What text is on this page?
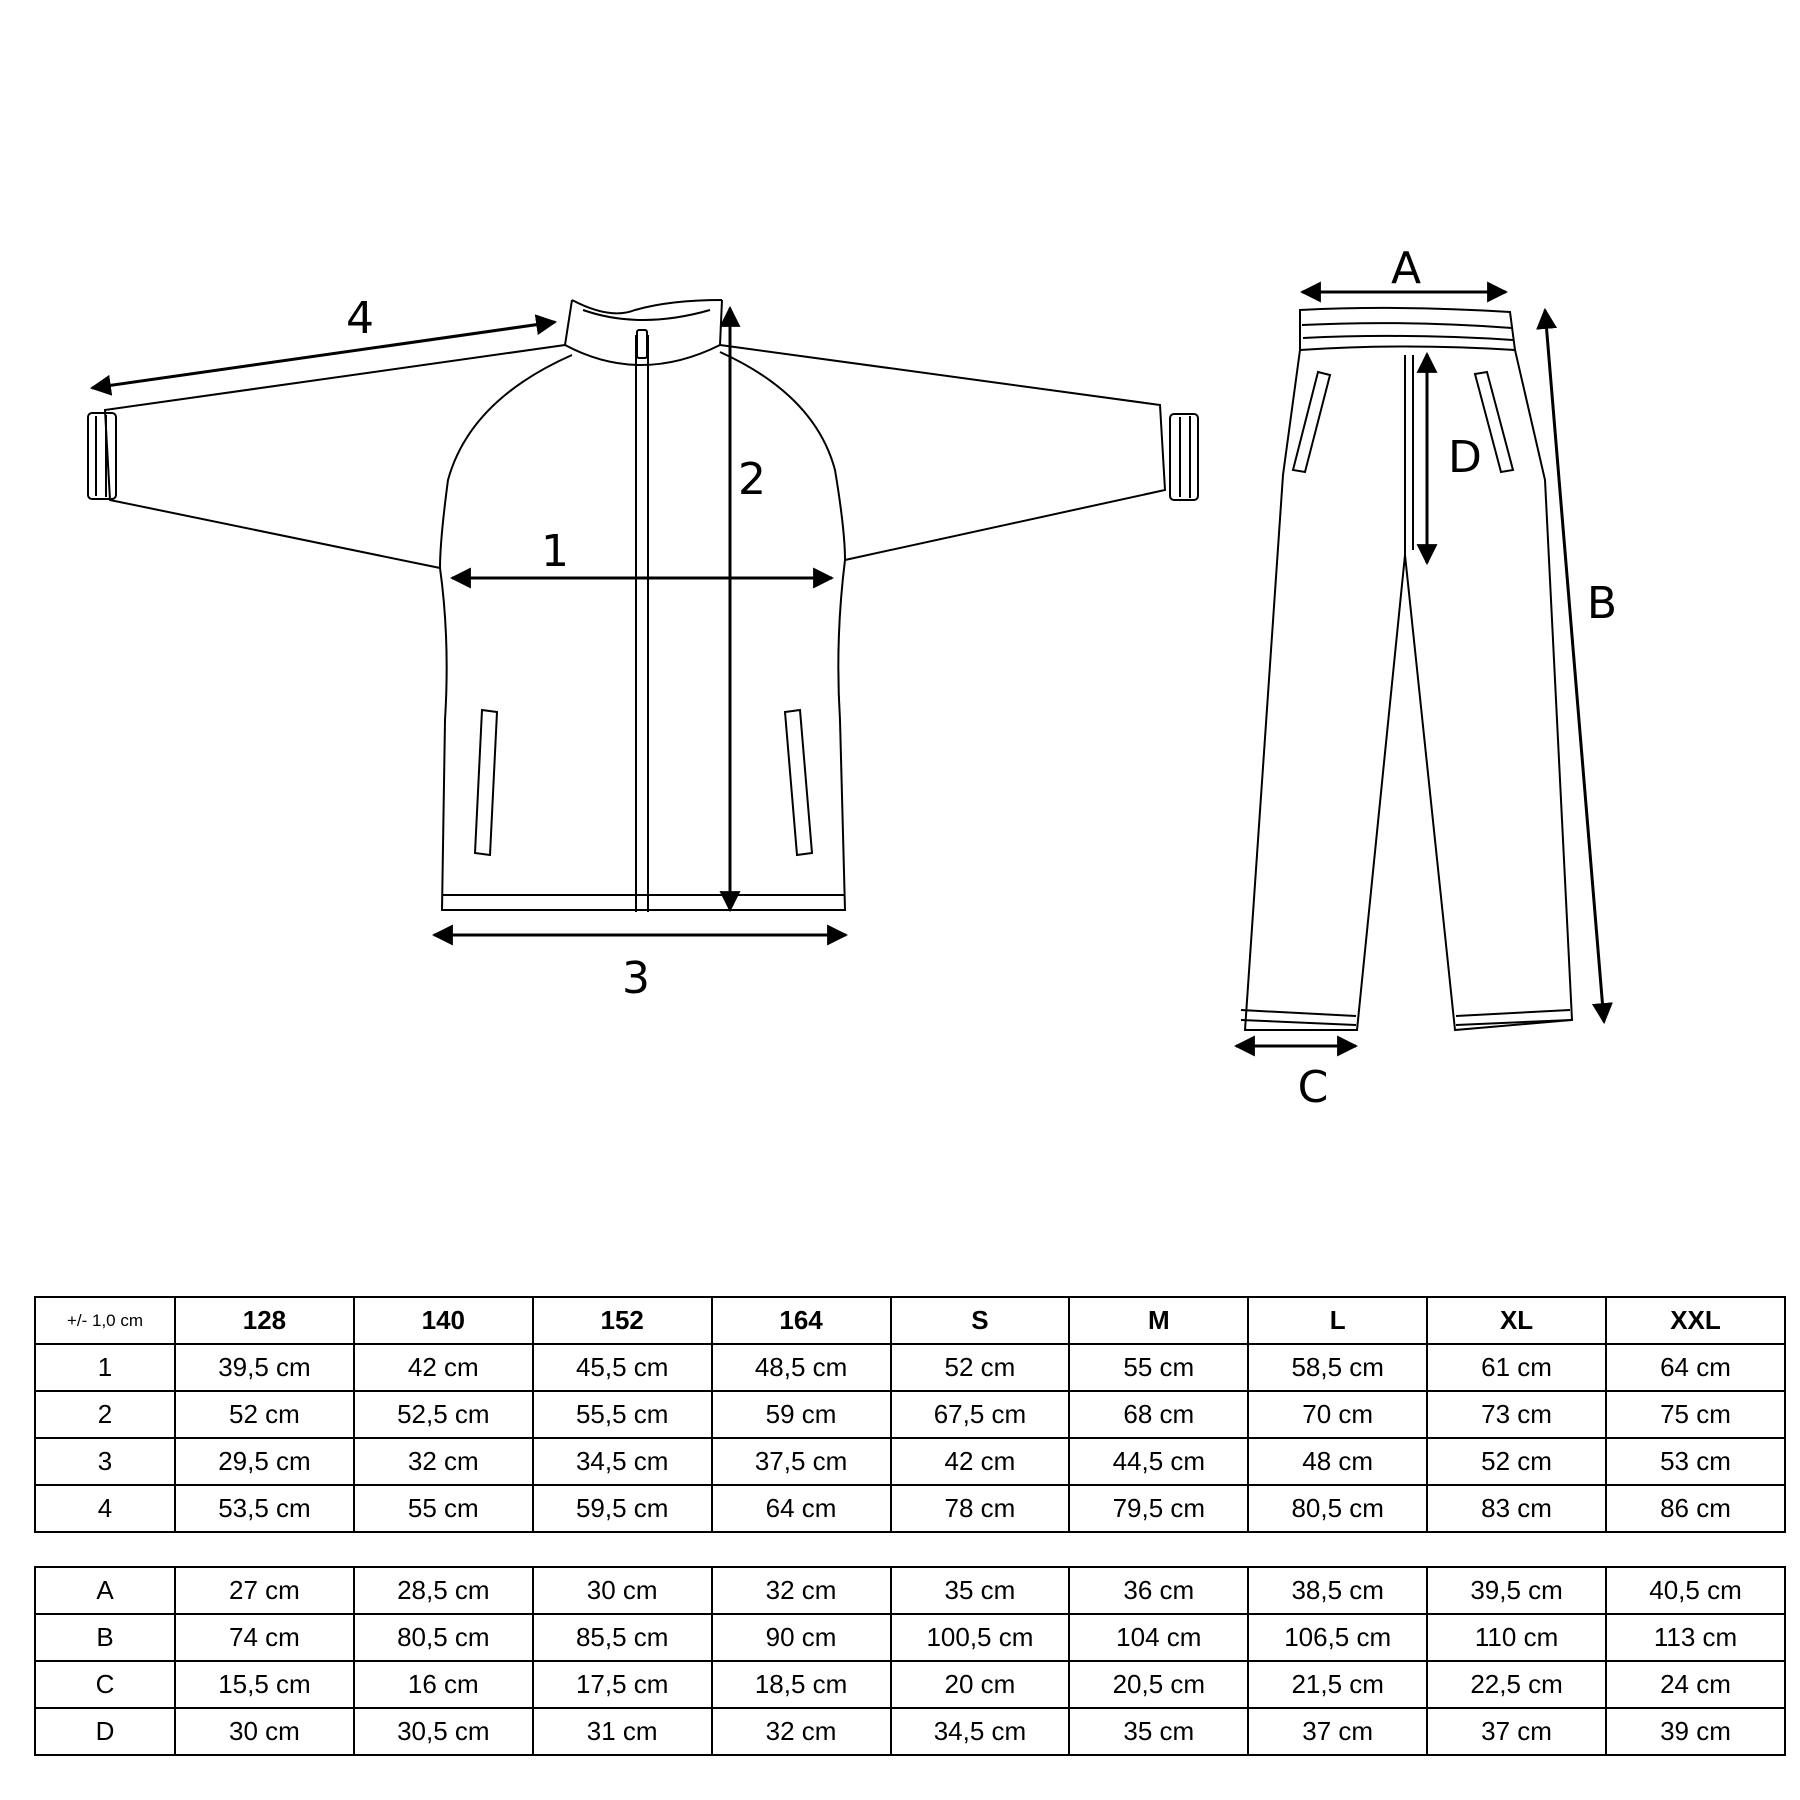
1
2
3
4
A
B
C
D
+/- 1,0 cm	128	140	152	164	S	M	L	XL	XXL
1	39,5 cm	42 cm	45,5 cm	48,5 cm	52 cm	55 cm	58,5 cm	61 cm	64 cm
2	52 cm	52,5 cm	55,5 cm	59 cm	67,5 cm	68 cm	70 cm	73 cm	75 cm
3	29,5 cm	32 cm	34,5 cm	37,5 cm	42 cm	44,5 cm	48 cm	52 cm	53 cm
4	53,5 cm	55 cm	59,5 cm	64 cm	78 cm	79,5 cm	80,5 cm	83 cm	86 cm
A	27 cm	28,5 cm	30 cm	32 cm	35 cm	36 cm	38,5 cm	39,5 cm	40,5 cm
B	74 cm	80,5 cm	85,5 cm	90 cm	100,5 cm	104 cm	106,5 cm	110 cm	113 cm
C	15,5 cm	16 cm	17,5 cm	18,5 cm	20 cm	20,5 cm	21,5 cm	22,5 cm	24 cm
D	30 cm	30,5 cm	31 cm	32 cm	34,5 cm	35 cm	37 cm	37 cm	39 cm
